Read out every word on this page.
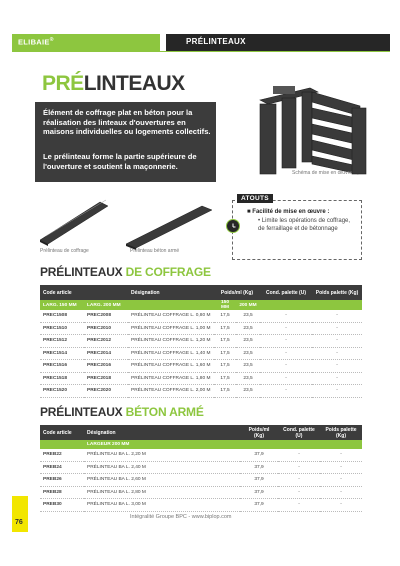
ELIBAIE®	PRÉLINTEAUX
PRÉLINTEAUX

Élément de coffrage plat en béton pour la réalisation des linteaux d'ouvertures en maisons individuelles ou logements collectifs.

Le prélinteau forme la partie supérieure de l'ouverture et soutient la maçonnerie.

Schéma de mise en œuvre
Prélinteau de coffrage	Prélinteau béton armé
ATOUTS
■ Facilité de mise en œuvre :
• Limite les opérations de coffrage, de ferraillage et de bétonnage
PRÉLINTEAUX DE COFFRAGE
Code article		Désignation	Poids/ml (Kg)		Cond. palette (U)	Poids palette (Kg)
LARG. 150 MM	LARG. 200 MM		150 MM	200 MM		
PREC1508	PREC2008	PRÉLINTEAU COFFRAGE L. 0,80 M	17,5	23,5	-	-
PREC1510	PREC2010	PRÉLINTEAU COFFRAGE L. 1,00 M	17,5	23,5	-	-
PREC1512	PREC2012	PRÉLINTEAU COFFRAGE L. 1,20 M	17,5	23,5	-	-
PREC1514	PREC2014	PRÉLINTEAU COFFRAGE L. 1,40 M	17,5	23,5	-	-
PREC1516	PREC2016	PRÉLINTEAU COFFRAGE L. 1,60 M	17,5	23,5	-	-
PREC1518	PREC2018	PRÉLINTEAU COFFRAGE L. 1,80 M	17,5	23,5	-	-
PREC1520	PREC2020	PRÉLINTEAU COFFRAGE L. 2,00 M	17,5	23,5	-	-
PRÉLINTEAUX BÉTON ARMÉ
Code article	Désignation	Poids/ml (Kg)	Cond. palette (U)	Poids palette (Kg)
	LARGEUR 200 MM			
PREB22	PRÉLINTEAU BA L. 2,20 M	37,9	-	-
PREB24	PRÉLINTEAU BA L. 2,40 M	37,9	-	-
PREB26	PRÉLINTEAU BA L. 2,60 M	37,9	-	-
PREB28	PRÉLINTEAU BA L. 2,80 M	37,9	-	-
PREB30	PRÉLINTEAU BA L. 3,00 M	37,9	-	-
76
Intégralité Groupe BPC - www.biplop.com
